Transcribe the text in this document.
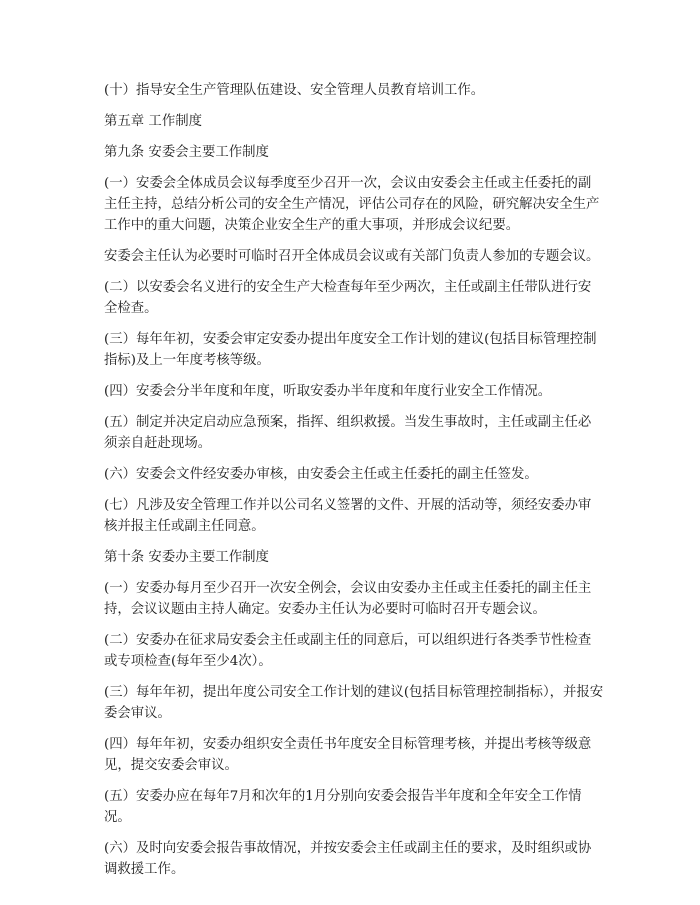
(十）指导安全生产管理队伍建设、安全管理人员教育培训工作。

第五章 工作制度

第九条 安委会主要工作制度

(一）安委会全体成员会议每季度至少召开一次，会议由安委会主任或主任委托的副主任主持，总结分析公司的安全生产情况，评估公司存在的风险，研究解决安全生产工作中的重大问题，决策企业安全生产的重大事项，并形成会议纪要。

安委会主任认为必要时可临时召开全体成员会议或有关部门负责人参加的专题会议。

(二）以安委会名义进行的安全生产大检查每年至少两次，主任或副主任带队进行安全检查。

(三）每年年初，安委会审定安委办提出年度安全工作计划的建议(包括目标管理控制指标)及上一年度考核等级。

(四）安委会分半年度和年度，听取安委办半年度和年度行业安全工作情况。

(五）制定并决定启动应急预案，指挥、组织救援。当发生事故时，主任或副主任必须亲自赶赴现场。

(六）安委会文件经安委办审核，由安委会主任或主任委托的副主任签发。

(七）凡涉及安全管理工作并以公司名义签署的文件、开展的活动等，须经安委办审核并报主任或副主任同意。

第十条 安委办主要工作制度

(一）安委办每月至少召开一次安全例会，会议由安委办主任或主任委托的副主任主持，会议议题由主持人确定。安委办主任认为必要时可临时召开专题会议。

(二）安委办在征求局安委会主任或副主任的同意后，可以组织进行各类季节性检查或专项检查(每年至少4次）。

(三）每年年初，提出年度公司安全工作计划的建议(包括目标管理控制指标），并报安委会审议。

(四）每年年初，安委办组织安全责任书年度安全目标管理考核，并提出考核等级意见，提交安委会审议。

(五）安委办应在每年7月和次年的1月分别向安委会报告半年度和全年安全工作情况。

(六）及时向安委会报告事故情况，并按安委会主任或副主任的要求，及时组织或协调救援工作。
